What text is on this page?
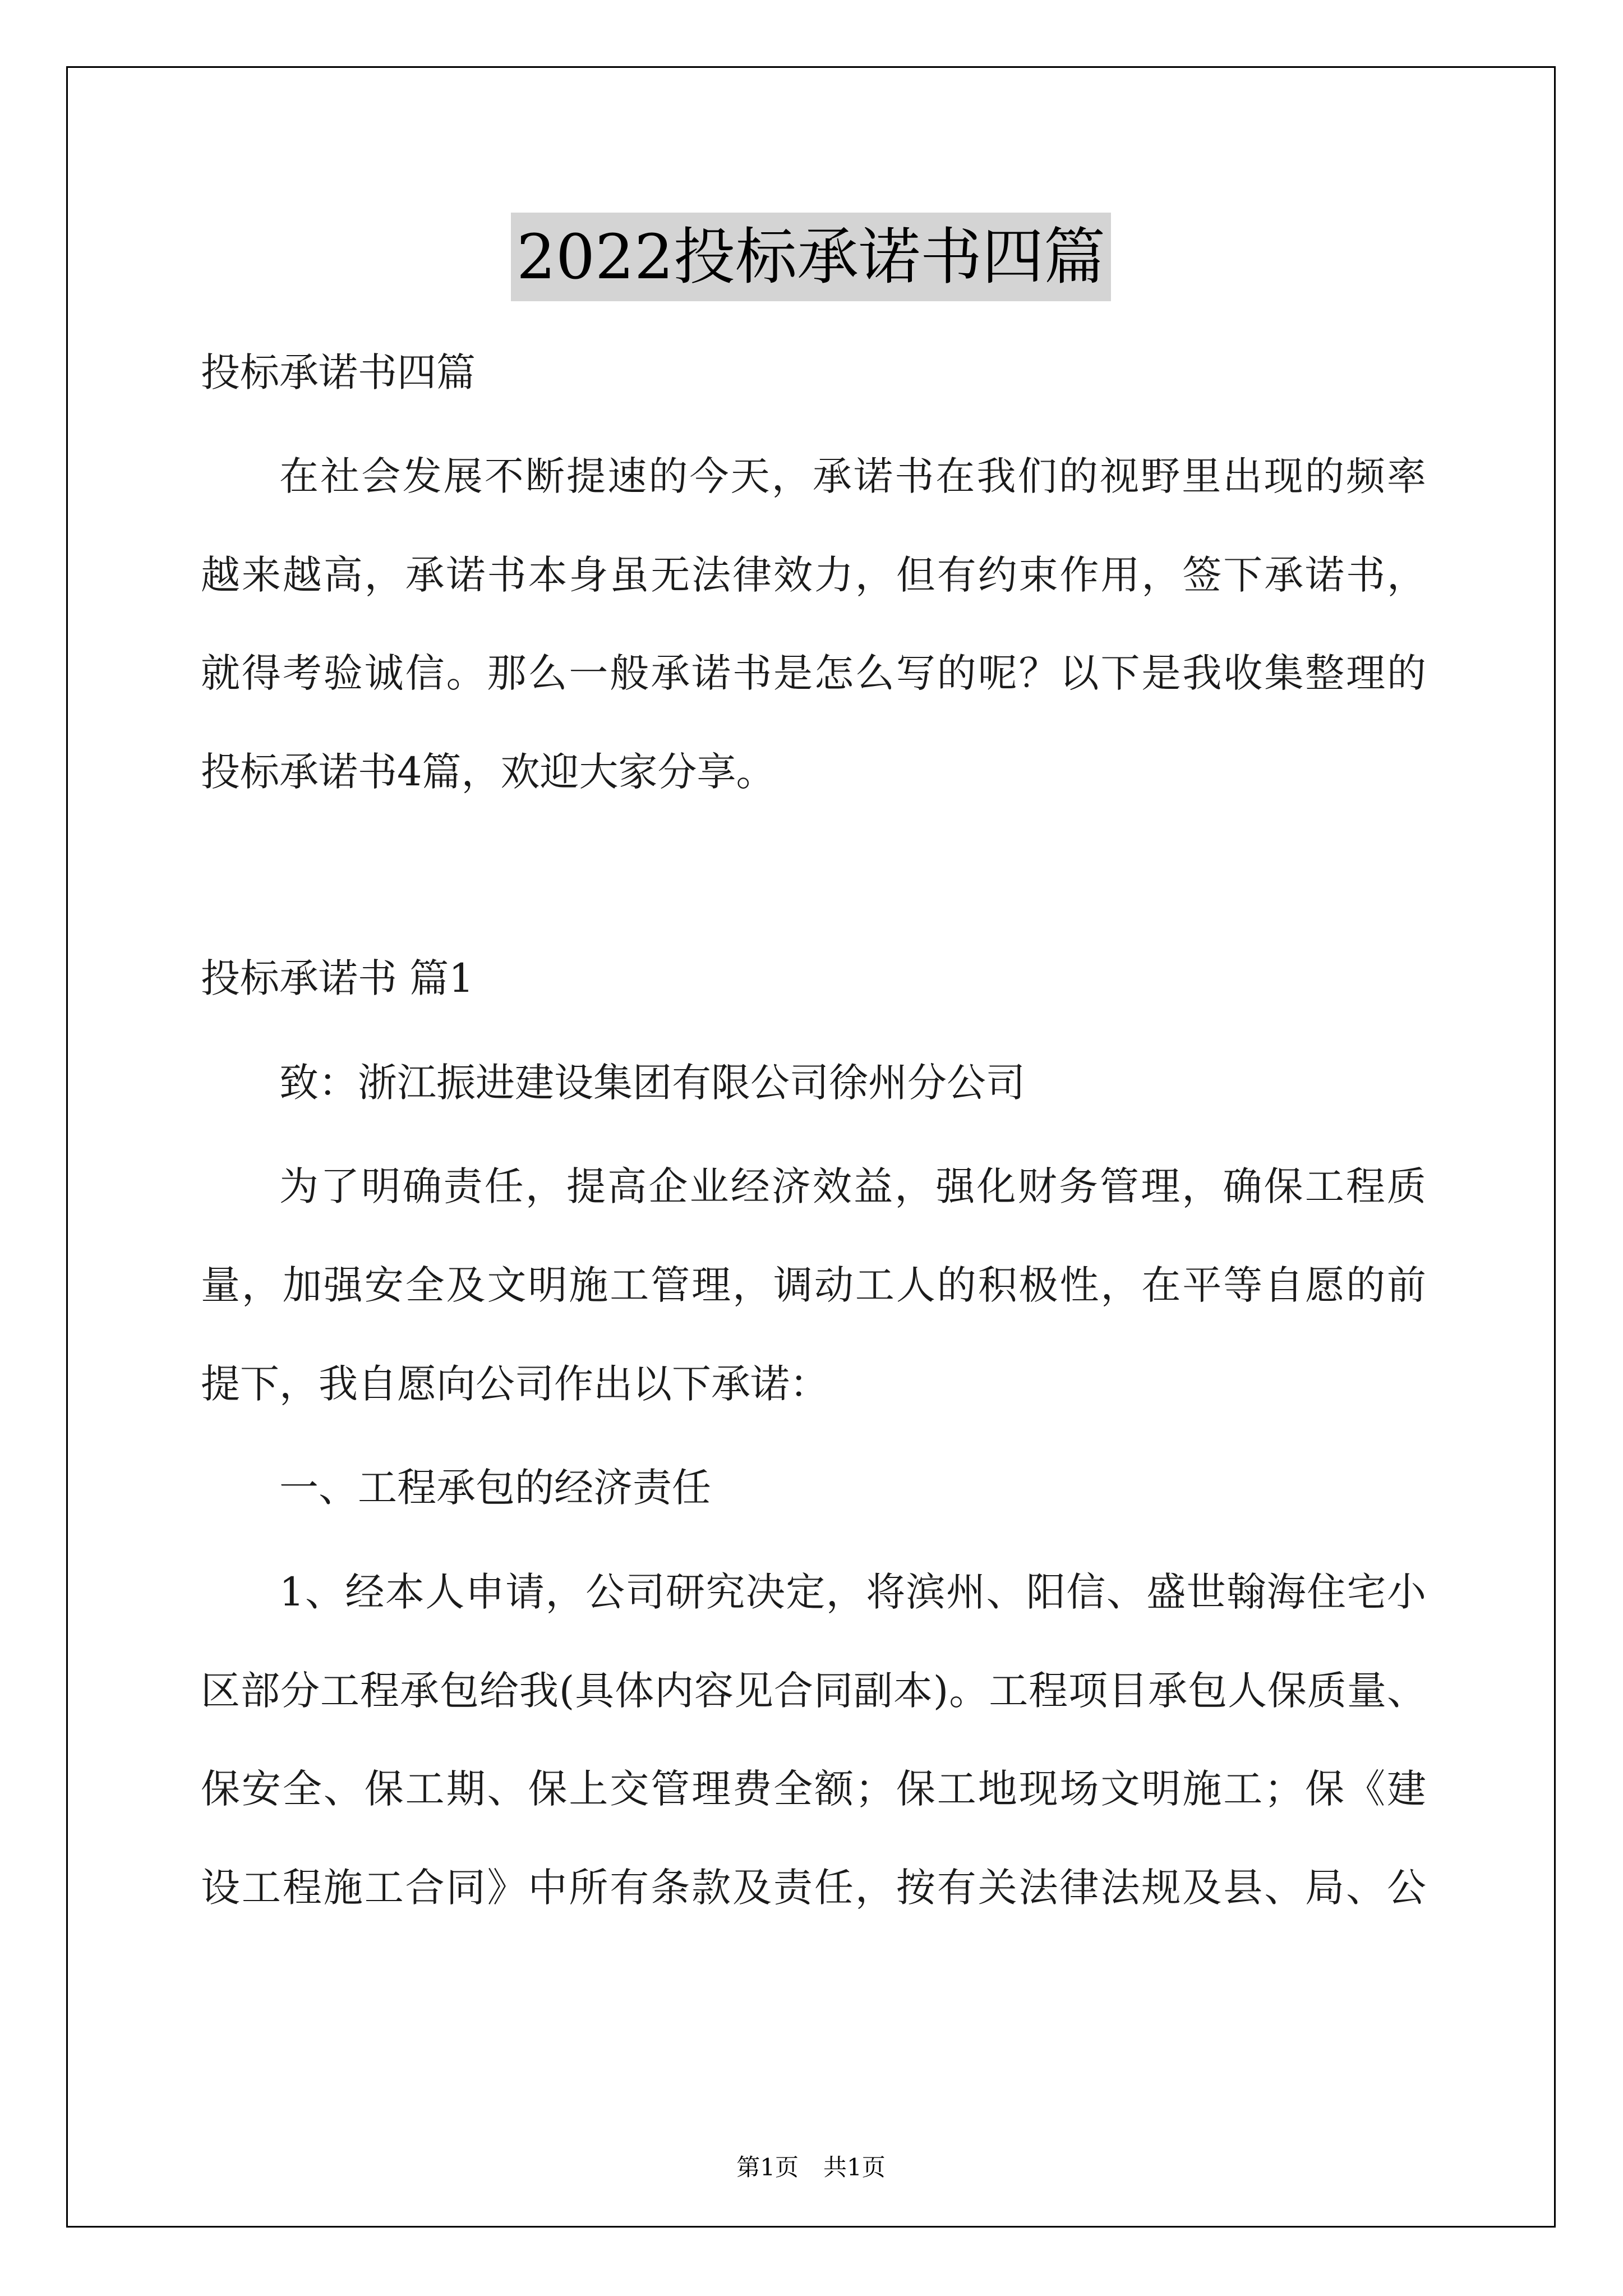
2022投标承诺书四篇
投标承诺书四篇
在社会发展不断提速的今天，承诺书在我们的视野里出现的频率
越来越高，承诺书本身虽无法律效力，但有约束作用，签下承诺书，
就得考验诚信。那么一般承诺书是怎么写的呢？以下是我收集整理的
投标承诺书4篇，欢迎大家分享。
投标承诺书 篇1
致：浙江振进建设集团有限公司徐州分公司
为了明确责任，提高企业经济效益，强化财务管理，确保工程质
量，加强安全及文明施工管理，调动工人的积极性，在平等自愿的前
提下，我自愿向公司作出以下承诺：
一、工程承包的经济责任
1、经本人申请，公司研究决定，将滨州、阳信、盛世翰海住宅小
区部分工程承包给我(具体内容见合同副本)。工程项目承包人保质量、
保安全、保工期、保上交管理费全额；保工地现场文明施工；保《建
设工程施工合同》中所有条款及责任，按有关法律法规及县、局、公
第1页 共1页
